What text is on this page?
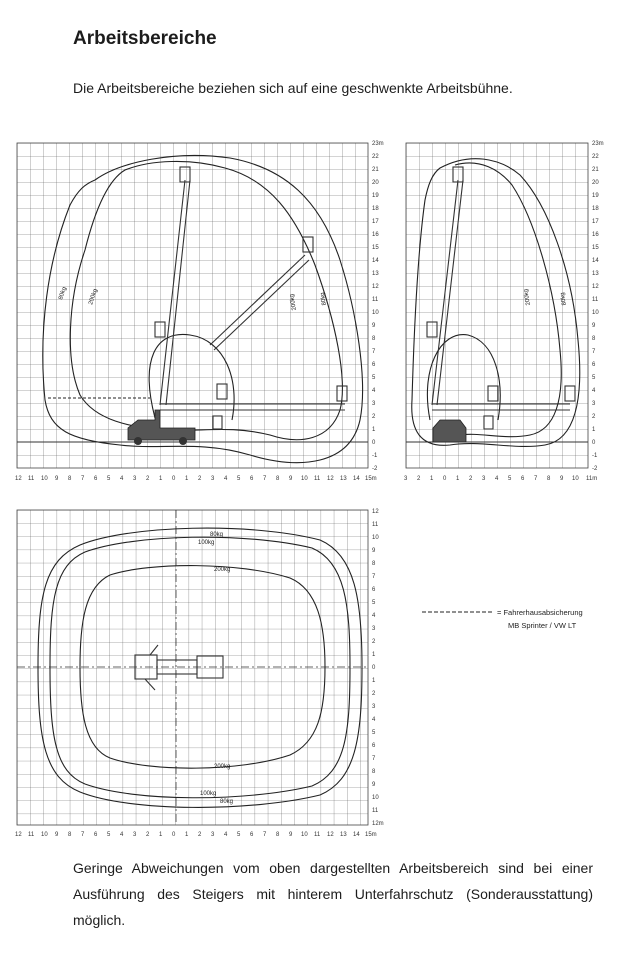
Arbeitsbereiche

Die Arbeitsbereiche beziehen sich auf eine geschwenkte Arbeitsbühne.

80kg	200kg	200kg	80kg
12 11 10 9 8 7 6 5 4 3 2 1 0 1 2 3 4 5 6 7 8 9 10 11 12 13 14 15m
-2
-1
0
1
2
3
4
5
6
7
8
9
10
11
12
13
14
15
16
17
18
19
20
21
22
23m
200kg	80kg
3 2 1 0 1 2 3 4 5 6 7 8 9 10 11m
-2
-1
0
1
2
3
4
5
6
7
8
9
10
11
12
13
14
15
16
17
18
19
20
21
22
23m
80kg
100kg
200kg
200kg
100kg
80kg
12 11 10 9 8 7 6 5 4 3 2 1 0 1 2 3 4 5 6 7 8 9 10 11 12 13 14 15m
12
11
10
9
8
7
6
5
4
3
2
1
0
1
2
3
4
5
6
7
8
9
10
11
12m
= Fahrerhausabsicherung
MB Sprinter / VW LT

Geringe Abweichungen vom oben dargestellten Arbeitsbereich sind bei einer Ausführung des Steigers mit hinterem Unterfahrschutz (Sonderausstattung) möglich.
